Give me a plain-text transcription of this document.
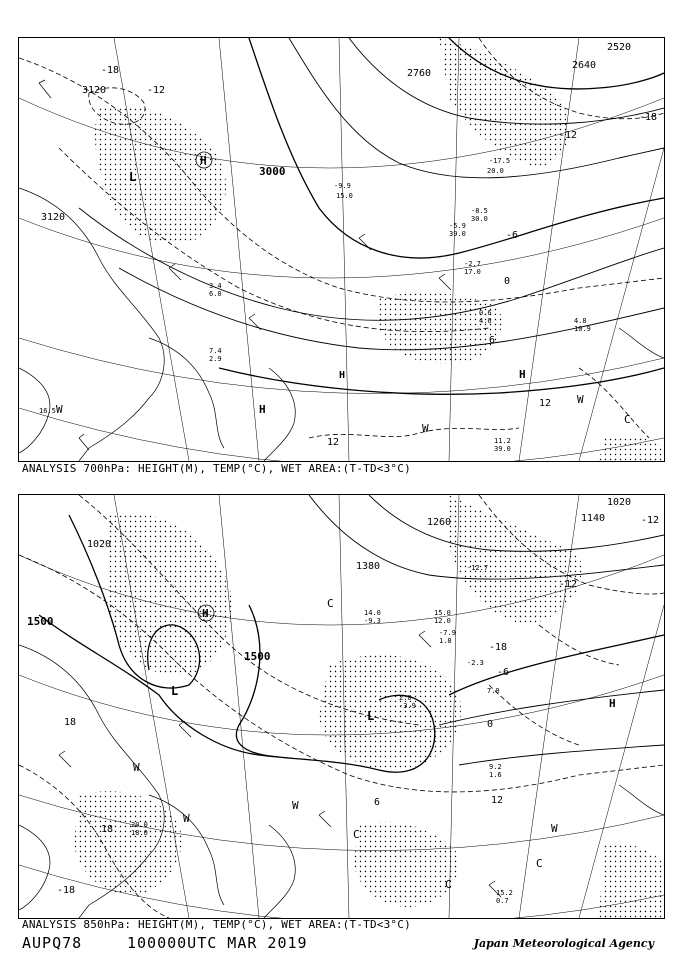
3120
3000
2520
2640
2760
3120
-18
-12
-6
0
6
12
-12
-18
12
L
H
H
H
W
W
W
C
H
16.5
-17.5
20.0
-9.9
15.0
11.2
39.0
4.8
10.9
0.6
4.6
-2.7
17.0
-5.9
39.0
-8.5
30.0
3.4
6.0
7.4
2.9
ANALYSIS 700hPa: HEIGHT(M), TEMP(°C), WET AREA:(T-TD<3°C)
1500
1500
1380
1140
1020
1260
1020
-18
-12
-6
0
6	12
18
18
-18
-12
H
L
L
H
C
W
W
W
W
C
C
C
15.2
0.7
2.0
-3.9
9.2
1.6
7.0
-7.9
1.8
-2.3
-12.7
15.0
12.0
14.0
-9.3
20.0
18.0
ANALYSIS 850hPa: HEIGHT(M), TEMP(°C), WET AREA:(T-TD<3°C)
AUPQ78	100000UTC MAR 2019	Japan Meteorological Agency
